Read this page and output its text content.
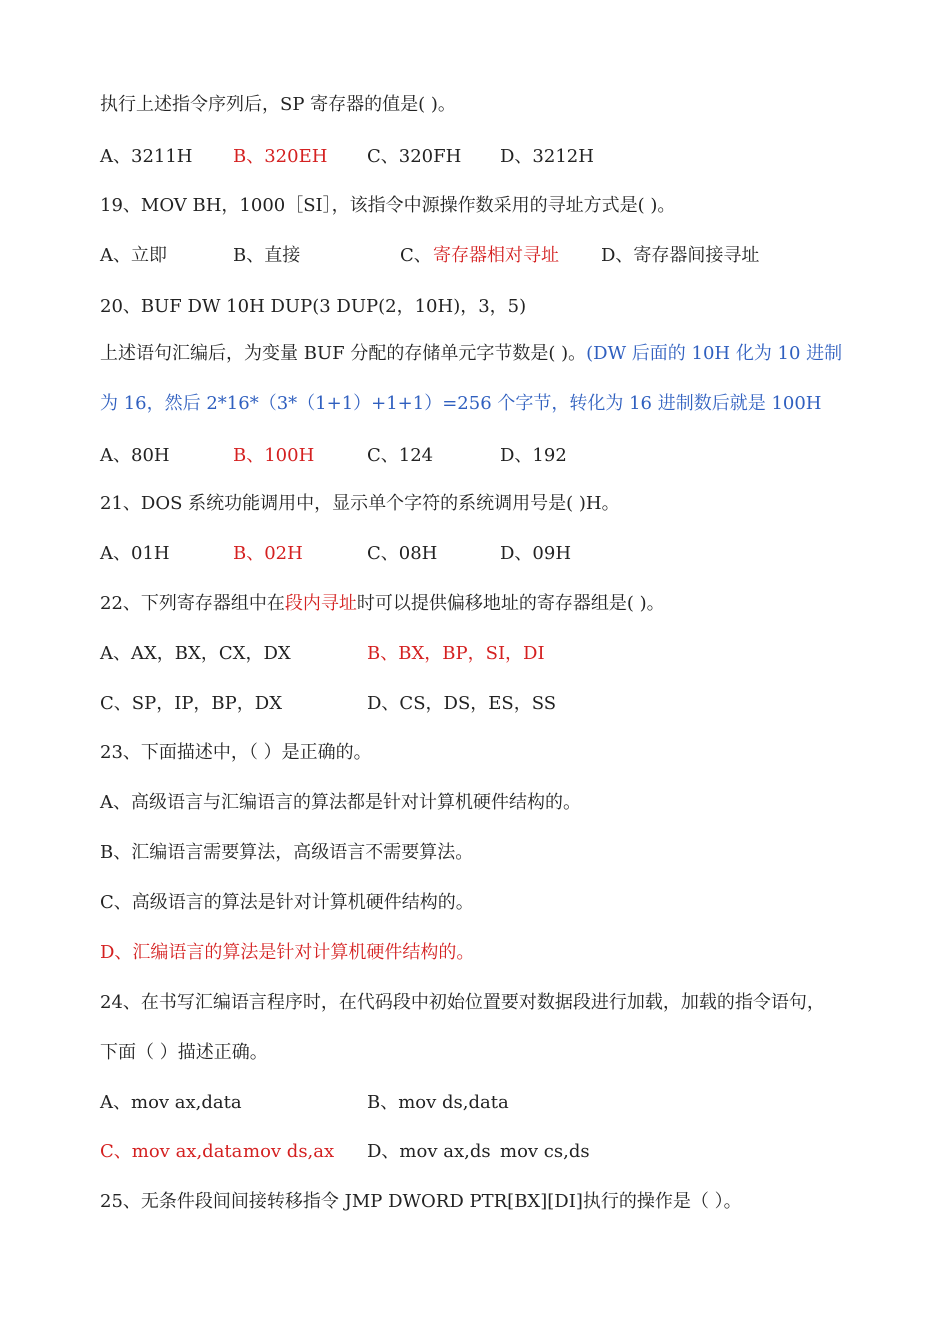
执行上述指令序列后，SP 寄存器的值是( )。
A、3211H B、320EH C、320FH D、3212H
19、MOV BH，1000［SI］，该指令中源操作数采用的寻址方式是( )。
A、立即	B、直接	C、 寄存器相对寻址 D、寄存器间接寻址
20、BUF DW 10H DUP(3 DUP(2，10H)，3，5)
上述语句汇编后，为变量 BUF 分配的存储单元字节数是( )。(DW 后面的 10H 化为 10 进制
为 16，然后 2*16*（3*（1+1）+1+1）=256 个字节，转化为 16 进制数后就是 100H
A、80H	B、100H	C、124	D、192
21、DOS 系统功能调用中，显示单个字符的系统调用号是( )H。
A、01H	B、02H	C、08H	D、09H
22、下列寄存器组中在段内寻址时可以提供偏移地址的寄存器组是( )。
A、AX，BX，CX，DX	B、BX，BP，SI，DI
C、SP，IP，BP，DX	D、CS，DS，ES，SS
23、下面描述中，（ ）是正确的。
A、高级语言与汇编语言的算法都是针对计算机硬件结构的。
B、汇编语言需要算法，高级语言不需要算法。
C、高级语言的算法是针对计算机硬件结构的。
D、汇编语言的算法是针对计算机硬件结构的。
24、在书写汇编语言程序时，在代码段中初始位置要对数据段进行加载，加载的指令语句，
下面（ ）描述正确。
A、mov ax,data	B、mov ds,data
C、mov ax,data mov ds,ax D、mov ax,ds mov cs,ds
25、无条件段间间接转移指令 JMP DWORD PTR[BX][DI]执行的操作是（ ）。
